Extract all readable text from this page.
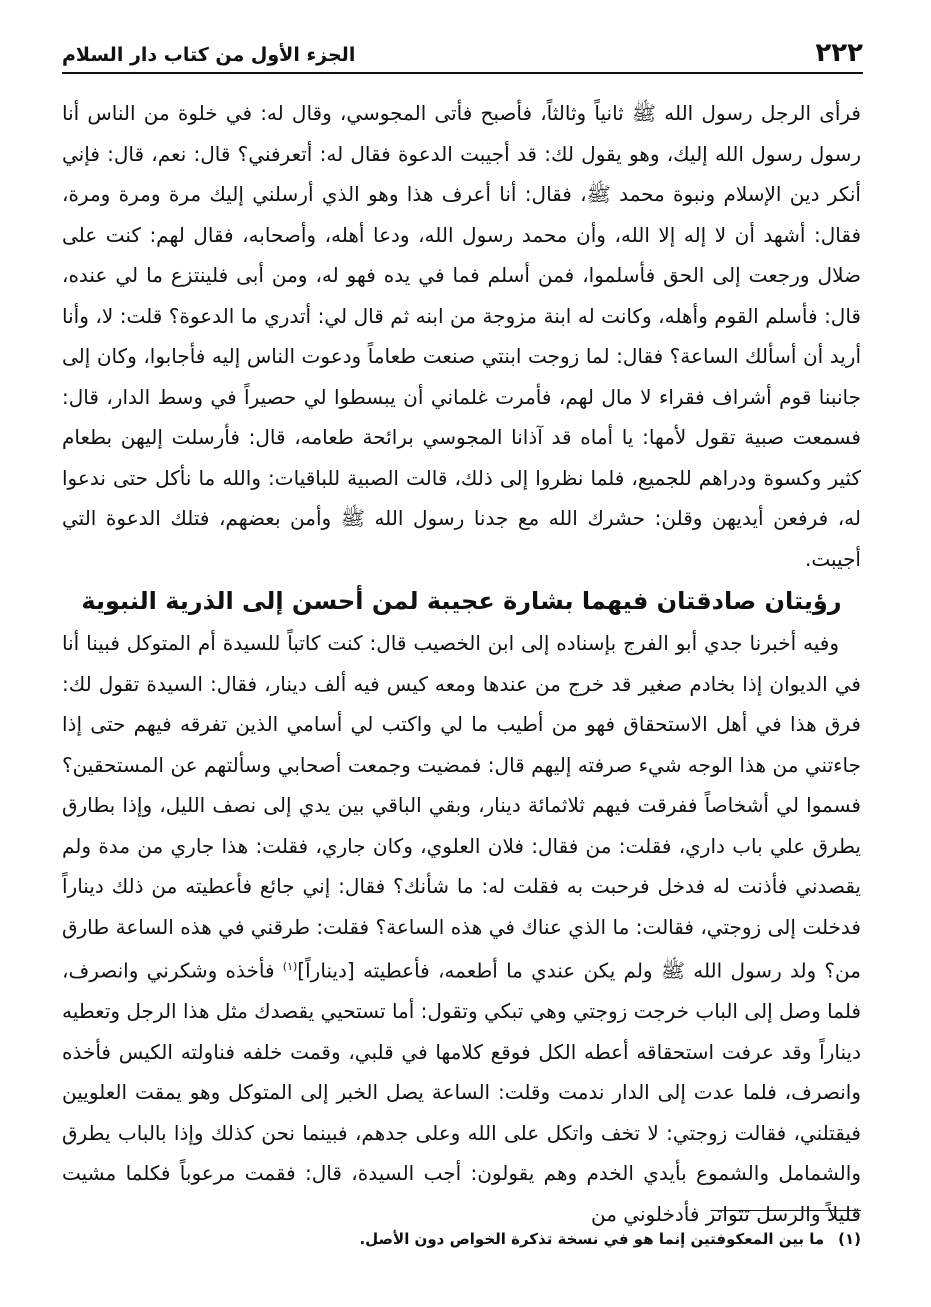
٢٢٢
الجزء الأول من كتاب دار السلام

فرأى الرجل رسول الله ﷺ ثانياً وثالثاً، فأصبح فأتى المجوسي، وقال له: في خلوة من الناس أنا رسول رسول الله إليك، وهو يقول لك: قد أجيبت الدعوة فقال له: أتعرفني؟ قال: نعم، قال: فإني أنكر دين الإسلام ونبوة محمد ﷺ، فقال: أنا أعرف هذا وهو الذي أرسلني إليك مرة ومرة ومرة، فقال: أشهد أن لا إله إلا الله، وأن محمد رسول الله، ودعا أهله، وأصحابه، فقال لهم: كنت على ضلال ورجعت إلى الحق فأسلموا، فمن أسلم فما في يده فهو له، ومن أبى فلينتزع ما لي عنده، قال: فأسلم القوم وأهله، وكانت له ابنة مزوجة من ابنه ثم قال لي: أتدري ما الدعوة؟ قلت: لا، وأنا أريد أن أسألك الساعة؟ فقال: لما زوجت ابنتي صنعت طعاماً ودعوت الناس إليه فأجابوا، وكان إلى جانبنا قوم أشراف فقراء لا مال لهم، فأمرت غلماني أن يبسطوا لي حصيراً في وسط الدار، قال: فسمعت صبية تقول لأمها: يا أماه قد آذانا المجوسي برائحة طعامه، قال: فأرسلت إليهن بطعام كثير وكسوة ودراهم للجميع، فلما نظروا إلى ذلك، قالت الصبية للباقيات: والله ما نأكل حتى ندعوا له، فرفعن أيديهن وقلن: حشرك الله مع جدنا رسول الله ﷺ وأمن بعضهم، فتلك الدعوة التي أجيبت.

رؤيتان صادقتان فيهما بشارة عجيبة لمن أحسن إلى الذرية النبوية

وفيه أخبرنا جدي أبو الفرج بإسناده إلى ابن الخصيب قال: كنت كاتباً للسيدة أم المتوكل فبينا أنا في الديوان إذا بخادم صغير قد خرج من عندها ومعه كيس فيه ألف دينار، فقال: السيدة تقول لك: فرق هذا في أهل الاستحقاق فهو من أطيب ما لي واكتب لي أسامي الذين تفرقه فيهم حتى إذا جاءتني من هذا الوجه شيء صرفته إليهم قال: فمضيت وجمعت أصحابي وسألتهم عن المستحقين؟ فسموا لي أشخاصاً ففرقت فيهم ثلاثمائة دينار، وبقي الباقي بين يدي إلى نصف الليل، وإذا بطارق يطرق علي باب داري، فقلت: من فقال: فلان العلوي، وكان جاري، فقلت: هذا جاري من مدة ولم يقصدني فأذنت له فدخل فرحبت به فقلت له: ما شأنك؟ فقال: إني جائع فأعطيته من ذلك ديناراً فدخلت إلى زوجتي، فقالت: ما الذي عناك في هذه الساعة؟ فقلت: طرقني في هذه الساعة طارق من؟ ولد رسول الله ﷺ ولم يكن عندي ما أطعمه، فأعطيته [ديناراً]$^{(١)}$ فأخذه وشكرني وانصرف، فلما وصل إلى الباب خرجت زوجتي وهي تبكي وتقول: أما تستحيي يقصدك مثل هذا الرجل وتعطيه ديناراً وقد عرفت استحقاقه أعطه الكل فوقع كلامها في قلبي، وقمت خلفه فناولته الكيس فأخذه وانصرف، فلما عدت إلى الدار ندمت وقلت: الساعة يصل الخبر إلى المتوكل وهو يمقت العلويين فيقتلني، فقالت زوجتي: لا تخف واتكل على الله وعلى جدهم، فبينما نحن كذلك وإذا بالباب يطرق والشمامل والشموع بأيدي الخدم وهم يقولون: أجب السيدة، قال: فقمت مرعوباً فكلما مشيت قليلاً والرسل تتواتر فأدخلوني من

(١)ما بين المعكوفتين إنما هو في نسخة تذكرة الخواص دون الأصل.
